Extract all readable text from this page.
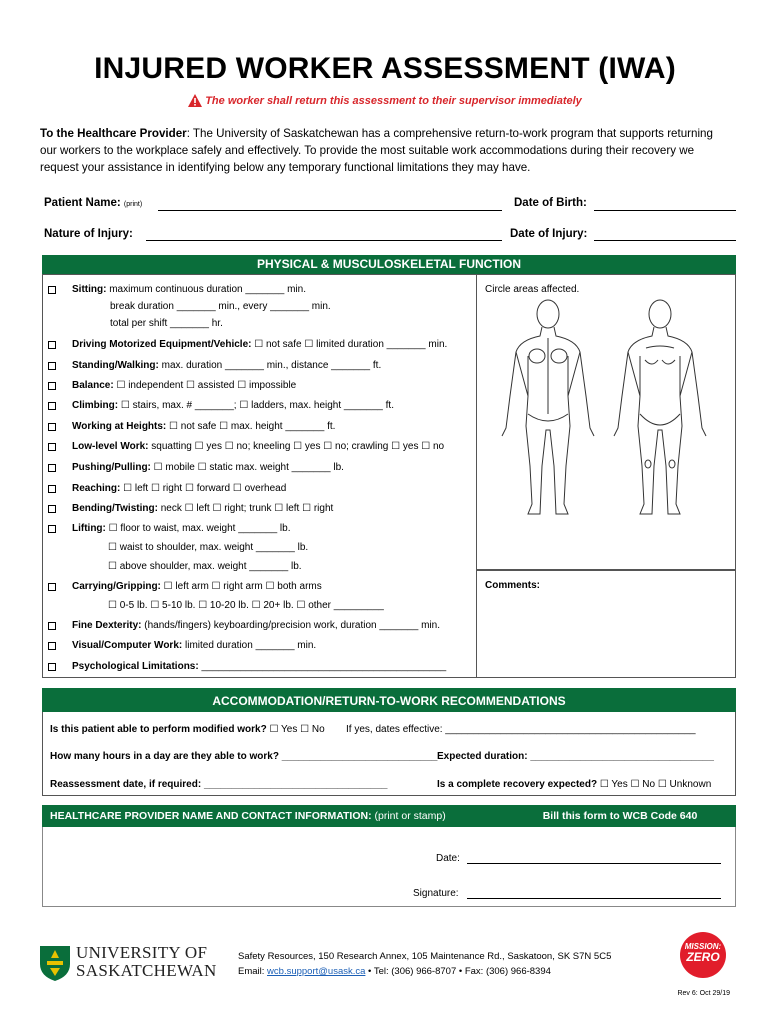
INJURED WORKER ASSESSMENT (IWA)
The worker shall return this assessment to their supervisor immediately
To the Healthcare Provider: The University of Saskatchewan has a comprehensive return-to-work program that supports returning our workers to the workplace safely and effectively. To provide the most suitable work accommodations during their recovery we request your assistance in identifying below any temporary functional limitations they may have.
Patient Name: (print)	Date of Birth:
Nature of Injury:	Date of Injury:
PHYSICAL & MUSCULOSKELETAL FUNCTION
Circle areas affected.
Comments:
Sitting: maximum continuous duration _______ min.
break duration _______ min., every _______ min.
total per shift _______ hr.
Driving Motorized Equipment/Vehicle: ☐ not safe ☐ limited duration _______ min.
Standing/Walking: max. duration _______ min., distance _______ ft.
Balance: ☐ independent ☐ assisted ☐ impossible
Climbing: ☐ stairs, max. # _______; ☐ ladders, max. height _______ ft.
Working at Heights: ☐ not safe ☐ max. height _______ ft.
Low-level Work: squatting ☐ yes ☐ no; kneeling ☐ yes ☐ no; crawling ☐ yes ☐ no
Pushing/Pulling: ☐ mobile ☐ static max. weight _______ lb.
Reaching: ☐ left ☐ right ☐ forward ☐ overhead
Bending/Twisting: neck ☐ left ☐ right; trunk ☐ left ☐ right
Lifting: ☐ floor to waist, max. weight _______ lb.
☐ waist to shoulder, max. weight _______ lb.
☐ above shoulder, max. weight _______ lb.
Carrying/Gripping: ☐ left arm ☐ right arm ☐ both arms
☐ 0-5 lb. ☐ 5-10 lb. ☐ 10-20 lb. ☐ 20+ lb. ☐ other _________
Fine Dexterity: (hands/fingers) keyboarding/precision work, duration _______ min.
Visual/Computer Work: limited duration _______ min.
Psychological Limitations: ____________________________________________
ACCOMMODATION/RETURN-TO-WORK RECOMMENDATIONS
Is this patient able to perform modified work? ☐ Yes ☐ No If yes, dates effective: _____________________________________________
How many hours in a day are they able to work? ____________________________ Expected duration: _________________________________
Reassessment date, if required: _________________________________	Is a complete recovery expected? ☐ Yes ☐ No ☐ Unknown
HEALTHCARE PROVIDER NAME AND CONTACT INFORMATION: (print or stamp)	Bill this form to WCB Code 640
Date:
Signature:
UNIVERSITY OF
SASKATCHEWAN
Safety Resources, 150 Research Annex, 105 Maintenance Rd., Saskatoon, SK S7N 5C5
Email: wcb.support@usask.ca • Tel: (306) 966-8707 • Fax: (306) 966-8394
MISSION:
ZERO
Rev 6: Oct 29/19
